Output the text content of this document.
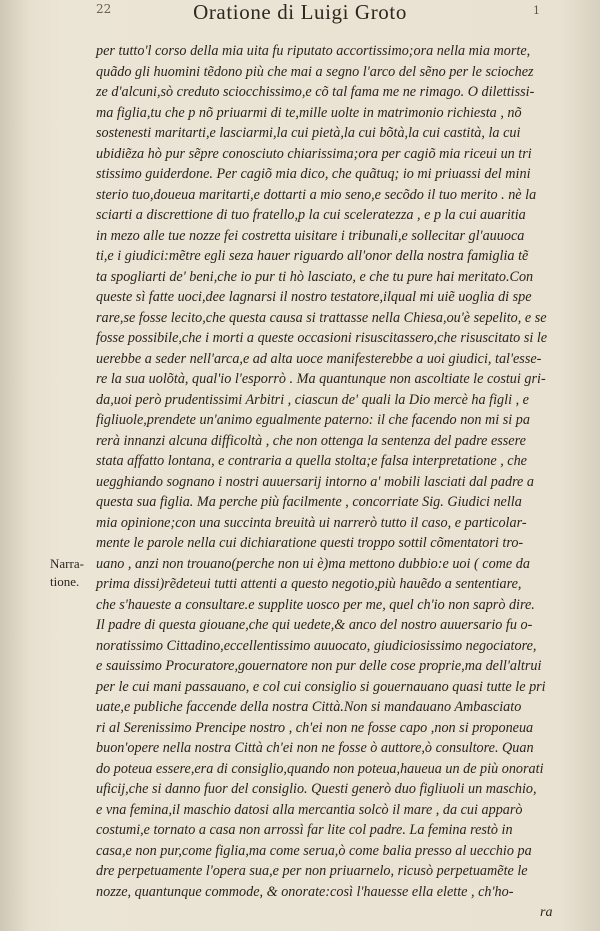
22	Oratione di Luigi Groto	1
Narra-
tione.
per tutto'l corso della mia uita fu riputato accortissimo;ora nella mia morte,
quãdo gli huomini tẽdono più che mai a segno l'arco del sẽno per le sciochez
ze d'alcuni,sò creduto sciocchissimo,e cõ tal fama me ne rimago. O dilettissi-
ma figlia,tu che p nõ priuarmi di te,mille uolte in matrimonio richiesta , nõ
sostenesti maritarti,e lasciarmi,la cui pietà,la cui bõtà,la cui castità, la cui
ubidiẽza hò pur sẽpre conosciuto chiarissima;ora per cagiõ mia riceui un tri
stissimo guiderdone. Per cagiõ mia dico, che quãtuq; io mi priuassi del mini
sterio tuo,doueua maritarti,e dottarti a mio seno,e secõdo il tuo merito . nè la
sciarti a discrettione di tuo fratello,p la cui sceleratezza , e p la cui auaritia
in mezo alle tue nozze fei costretta uisitare i tribunali,e sollecitar gl'auuoca
ti,e i giudici:mẽtre egli seza hauer riguardo all'onor della nostra famiglia tẽ
ta spogliarti de' beni,che io pur ti hò lasciato, e che tu pure hai meritato.Con
queste sì fatte uoci,dee lagnarsi il nostro testatore,ilqual mi uiẽ uoglia di spe
rare,se fosse lecito,che questa causa si trattasse nella Chiesa,ou'è sepelito, e se
fosse possibile,che i morti a queste occasioni risuscitassero,che risuscitato si le
uerebbe a seder nell'arca,e ad alta uoce manifesterebbe a uoi giudici, tal'esse-
re la sua uolõtà, qual'io l'esporrò . Ma quantunque non ascoltiate le costui gri-
da,uoi però prudentissimi Arbitri , ciascun de' quali la Dio mercè ha figli , e
figliuole,prendete un'animo egualmente paterno: il che facendo non mi si pa
rerà innanzi alcuna difficoltà , che non ottenga la sentenza del padre essere
stata affatto lontana, e contraria a quella stolta;e falsa interpretatione , che
uegghiando sognano i nostri auuersarij intorno a' mobili lasciati dal padre a
questa sua figlia. Ma perche più facilmente , concorriate Sig. Giudici nella
mia opinione;con una succinta breuità ui narrerò tutto il caso, e particolar-
mente le parole nella cui dichiaratione questi troppo sottil cõmentatori tro-
uano , anzi non trouano(perche non ui è)ma mettono dubbio:e uoi ( come da
prima dissi)rẽdeteui tutti attenti a questo negotio,più hauẽdo a sententiare,
che s'haueste a consultare.e supplite uosco per me, quel ch'io non saprò dire.
Il padre di questa giouane,che qui uedete,& anco del nostro auuersario fu o-
noratissimo Cittadino,eccellentissimo auuocato, giudiciosissimo negociatore,
e sauissimo Procuratore,gouernatore non pur delle cose proprie,ma dell'altrui
per le cui mani passauano, e col cui consiglio si gouernauano quasi tutte le pri
uate,e publiche faccende della nostra Città.Non si mandauano Ambasciato
ri al Serenissimo Prencipe nostro , ch'ei non ne fosse capo ,non si proponeua
buon'opere nella nostra Città ch'ei non ne fosse ò auttore,ò consultore. Quan
do poteua essere,era di consiglio,quando non poteua,haueua un de più onorati
uficij,che si danno fuor del consiglio. Questi generò duo figliuoli un maschio,
e vna femina,il maschio datosi alla mercantia solcò il mare , da cui apparò
costumi,e tornato a casa non arrossì far lite col padre. La femina restò in
casa,e non pur,come figlia,ma come serua,ò come balia presso al uecchio pa
dre perpetuamente l'opera sua,e per non priuarnelo, ricusò perpetuamẽte le
nozze, quantunque commode, & onorate:così l'hauesse ella elette , ch'ho-
ra
